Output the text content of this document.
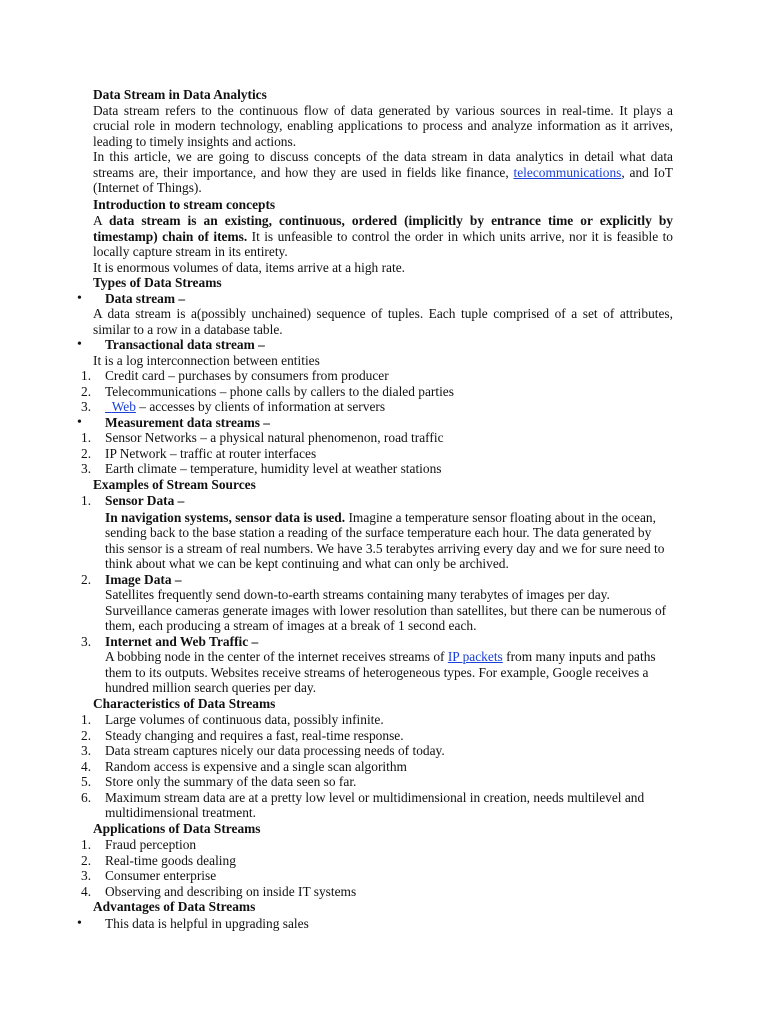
Data Stream in Data Analytics

Data stream refers to the continuous flow of data generated by various sources in real-time. It plays a crucial role in modern technology, enabling applications to process and analyze information as it arrives, leading to timely insights and actions.

In this article, we are going to discuss concepts of the data stream in data analytics in detail what data streams are, their importance, and how they are used in fields like finance, telecommunications, and IoT (Internet of Things).

Introduction to stream concepts

A data stream is an existing, continuous, ordered (implicitly by entrance time or explicitly by timestamp) chain of items. It is unfeasible to control the order in which units arrive, nor it is feasible to locally capture stream in its entirety.

It is enormous volumes of data, items arrive at a high rate.

Types of Data Streams

• Data stream –

A data stream is a(possibly unchained) sequence of tuples. Each tuple comprised of a set of attributes, similar to a row in a database table.

• Transactional data stream –

It is a log interconnection between entities

1. Credit card – purchases by consumers from producer
2. Telecommunications – phone calls by callers to the dialed parties
3. Web – accesses by clients of information at servers
• Measurement data streams –
1. Sensor Networks – a physical natural phenomenon, road traffic
2. IP Network – traffic at router interfaces
3. Earth climate – temperature, humidity level at weather stations

Examples of Stream Sources

1. Sensor Data –
In navigation systems, sensor data is used. Imagine a temperature sensor floating about in the ocean, sending back to the base station a reading of the surface temperature each hour. The data generated by this sensor is a stream of real numbers. We have 3.5 terabytes arriving every day and we for sure need to think about what we can be kept continuing and what can only be archived.
2. Image Data –
Satellites frequently send down-to-earth streams containing many terabytes of images per day. Surveillance cameras generate images with lower resolution than satellites, but there can be numerous of them, each producing a stream of images at a break of 1 second each.
3. Internet and Web Traffic –
A bobbing node in the center of the internet receives streams of IP packets from many inputs and paths them to its outputs. Websites receive streams of heterogeneous types. For example, Google receives a hundred million search queries per day.

Characteristics of Data Streams

1. Large volumes of continuous data, possibly infinite.
2. Steady changing and requires a fast, real-time response.
3. Data stream captures nicely our data processing needs of today.
4. Random access is expensive and a single scan algorithm
5. Store only the summary of the data seen so far.
6. Maximum stream data are at a pretty low level or multidimensional in creation, needs multilevel and multidimensional treatment.

Applications of Data Streams

1. Fraud perception
2. Real-time goods dealing
3. Consumer enterprise
4. Observing and describing on inside IT systems

Advantages of Data Streams

• This data is helpful in upgrading sales
